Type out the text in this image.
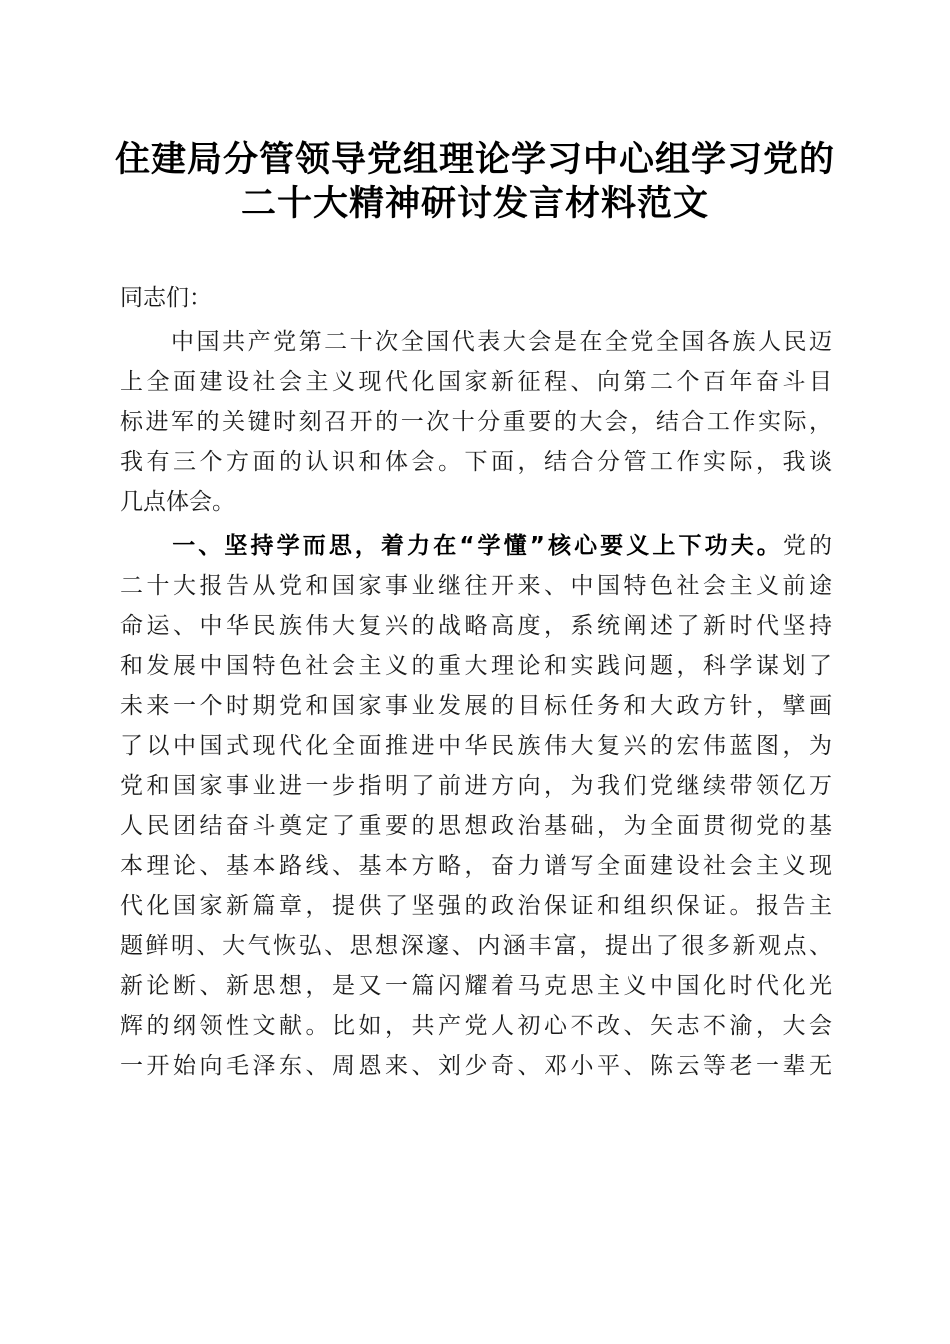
住建局分管领导党组理论学习中心组学习党的
二十大精神研讨发言材料范文
同志们：
　　中国共产党第二十次全国代表大会是在全党全国各族人民迈
上全面建设社会主义现代化国家新征程、向第二个百年奋斗目
标进军的关键时刻召开的一次十分重要的大会，结合工作实际，
我有三个方面的认识和体会。下面，结合分管工作实际，我谈
几点体会。
　　一、坚持学而思，着力在“学懂”核心要义上下功夫。党的
二十大报告从党和国家事业继往开来、中国特色社会主义前途
命运、中华民族伟大复兴的战略高度，系统阐述了新时代坚持
和发展中国特色社会主义的重大理论和实践问题，科学谋划了
未来一个时期党和国家事业发展的目标任务和大政方针，擘画
了以中国式现代化全面推进中华民族伟大复兴的宏伟蓝图，为
党和国家事业进一步指明了前进方向，为我们党继续带领亿万
人民团结奋斗奠定了重要的思想政治基础，为全面贯彻党的基
本理论、基本路线、基本方略，奋力谱写全面建设社会主义现
代化国家新篇章，提供了坚强的政治保证和组织保证。报告主
题鲜明、大气恢弘、思想深邃、内涵丰富，提出了很多新观点、
新论断、新思想，是又一篇闪耀着马克思主义中国化时代化光
辉的纲领性文献。比如，共产党人初心不改、矢志不渝，大会
一开始向毛泽东、周恩来、刘少奇、邓小平、陈云等老一辈无
